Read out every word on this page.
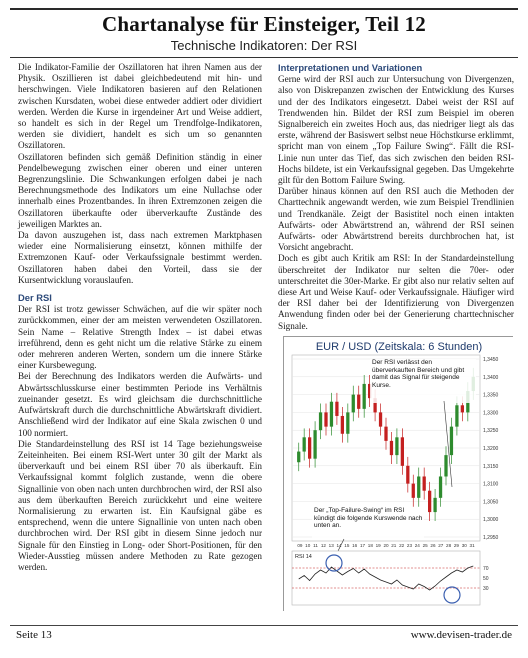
Chartanalyse für Einsteiger, Teil 12
Technische Indikatoren: Der RSI

Die Indikator-Familie der Oszillatoren hat ihren Namen aus der Physik. Oszillieren ist dabei gleichbedeutend mit hin- und herschwingen. Viele Indikatoren basieren auf den Relationen zwischen Kursdaten, wobei diese entweder addiert oder dividiert werden. Werden die Kurse in irgendeiner Art und Weise addiert, so handelt es sich in der Regel um Trendfolge-Indikatoren, werden sie dividiert, handelt es sich um so genannten Oszillatoren.

Oszillatoren befinden sich gemäß Definition ständig in einer Pendelbewegung zwischen einer oberen und einer unteren Begrenzungslinie. Die Schwankungen erfolgen dabei je nach Berechnungsmethode des Indikators um eine Nullachse oder innerhalb eines Prozentbandes. In ihren Extremzonen zeigen die Oszillatoren überkaufte oder überverkaufte Zustände des jeweiligen Marktes an.

Da davon auszugehen ist, dass nach extremen Marktphasen wieder eine Normalisierung einsetzt, können mithilfe der Extremzonen Kauf- oder Verkaufssignale bestimmt werden. Oszillatoren haben dabei den Vorteil, dass sie der Kursentwicklung vorauslaufen.

Der RSI

Der RSI ist trotz gewisser Schwächen, auf die wir später noch zurückkommen, einer der am meisten verwendeten Oszillatoren. Sein Name – Relative Strength Index – ist dabei etwas irreführend, denn es geht nicht um die relative Stärke zu einem oder mehreren anderen Werten, sondern um die innere Stärke einer Kursbewegung.

Bei der Berechnung des Indikators werden die Aufwärts- und Abwärtsschlusskurse einer bestimmten Periode ins Verhältnis zueinander gesetzt. Es wird gleichsam die durchschnittliche Aufwärtskraft durch die durchschnittliche Abwärtskraft dividiert. Anschließend wird der Indikator auf eine Skala zwischen 0 und 100 normiert.

Die Standardeinstellung des RSI ist 14 Tage beziehungsweise Zeiteinheiten. Bei einem RSI-Wert unter 30 gilt der Markt als überverkauft und bei einem RSI über 70 als überkauft. Ein Verkaufssignal kommt folglich zustande, wenn die obere Signallinie von oben nach unten durchbrochen wird, der RSI also aus dem überkauften Bereich zurückkehrt und eine weitere Normalisierung zu erwarten ist. Ein Kaufsignal gäbe es entsprechend, wenn die untere Signallinie von unten nach oben durchbrochen wird. Der RSI gibt in diesem Sinne jedoch nur Signale für den Einstieg in Long- oder Short-Positionen, für den Wieder-Ausstieg müssen andere Methoden zu Rate gezogen werden.

Interpretationen und Variationen

Gerne wird der RSI auch zur Untersuchung von Divergenzen, also von Diskrepanzen zwischen der Entwicklung des Kurses und der des Indikators eingesetzt. Dabei weist der RSI auf Trendwenden hin. Bildet der RSI zum Beispiel im oberen Signalbereich ein zweites Hoch aus, das niedriger liegt als das erste, während der Basiswert selbst neue Höchstkurse erklimmt, spricht man von einem „Top Failure Swing“. Fällt die RSI-Linie nun unter das Tief, das sich zwischen den beiden RSI-Hochs bildete, ist ein Verkaufssignal gegeben. Das Umgekehrte gilt für den Bottom Failure Swing.

Darüber hinaus können auf den RSI auch die Methoden der Charttechnik angewandt werden, wie zum Beispiel Trendlinien und Trendkanäle. Zeigt der Basistitel noch einen intakten Aufwärts- oder Abwärtstrend an, während der RSI seinen Aufwärts- oder Abwärtstrend bereits durchbrochen hat, ist Vorsicht angebracht.

Doch es gibt auch Kritik am RSI: In der Standardeinstellung überschreitet der Indikator nur selten die 70er- oder unterschreitet die 30er-Marke. Er gibt also nur relativ selten auf diese Art und Weise Kauf- oder Verkaufssignale. Häufiger wird der RSI daher bei der Identifizierung von Divergenzen Anwendung finden oder bei der Generierung charttechnischer Signale.

EUR / USD (Zeitskala: 6 Stunden)
1,3450
1,3400
1,3350
1,3300
1,3250
1,3200
1,3150
1,3100
1,3050
1,3000
1,2950
Der RSI verlässt den überverkauften Bereich und gibt damit das Signal für steigende Kurse.
Der „Top-Failure-Swing“ im RSI kündigt die folgende Kurswende nach unten an.
09 10 11 12 13 14 15 16 17 18 19 20 21 22 23 24 25 26 27 28 29 30 31
RSI 14
70
50
30
Seite 13	www.devisen-trader.de
